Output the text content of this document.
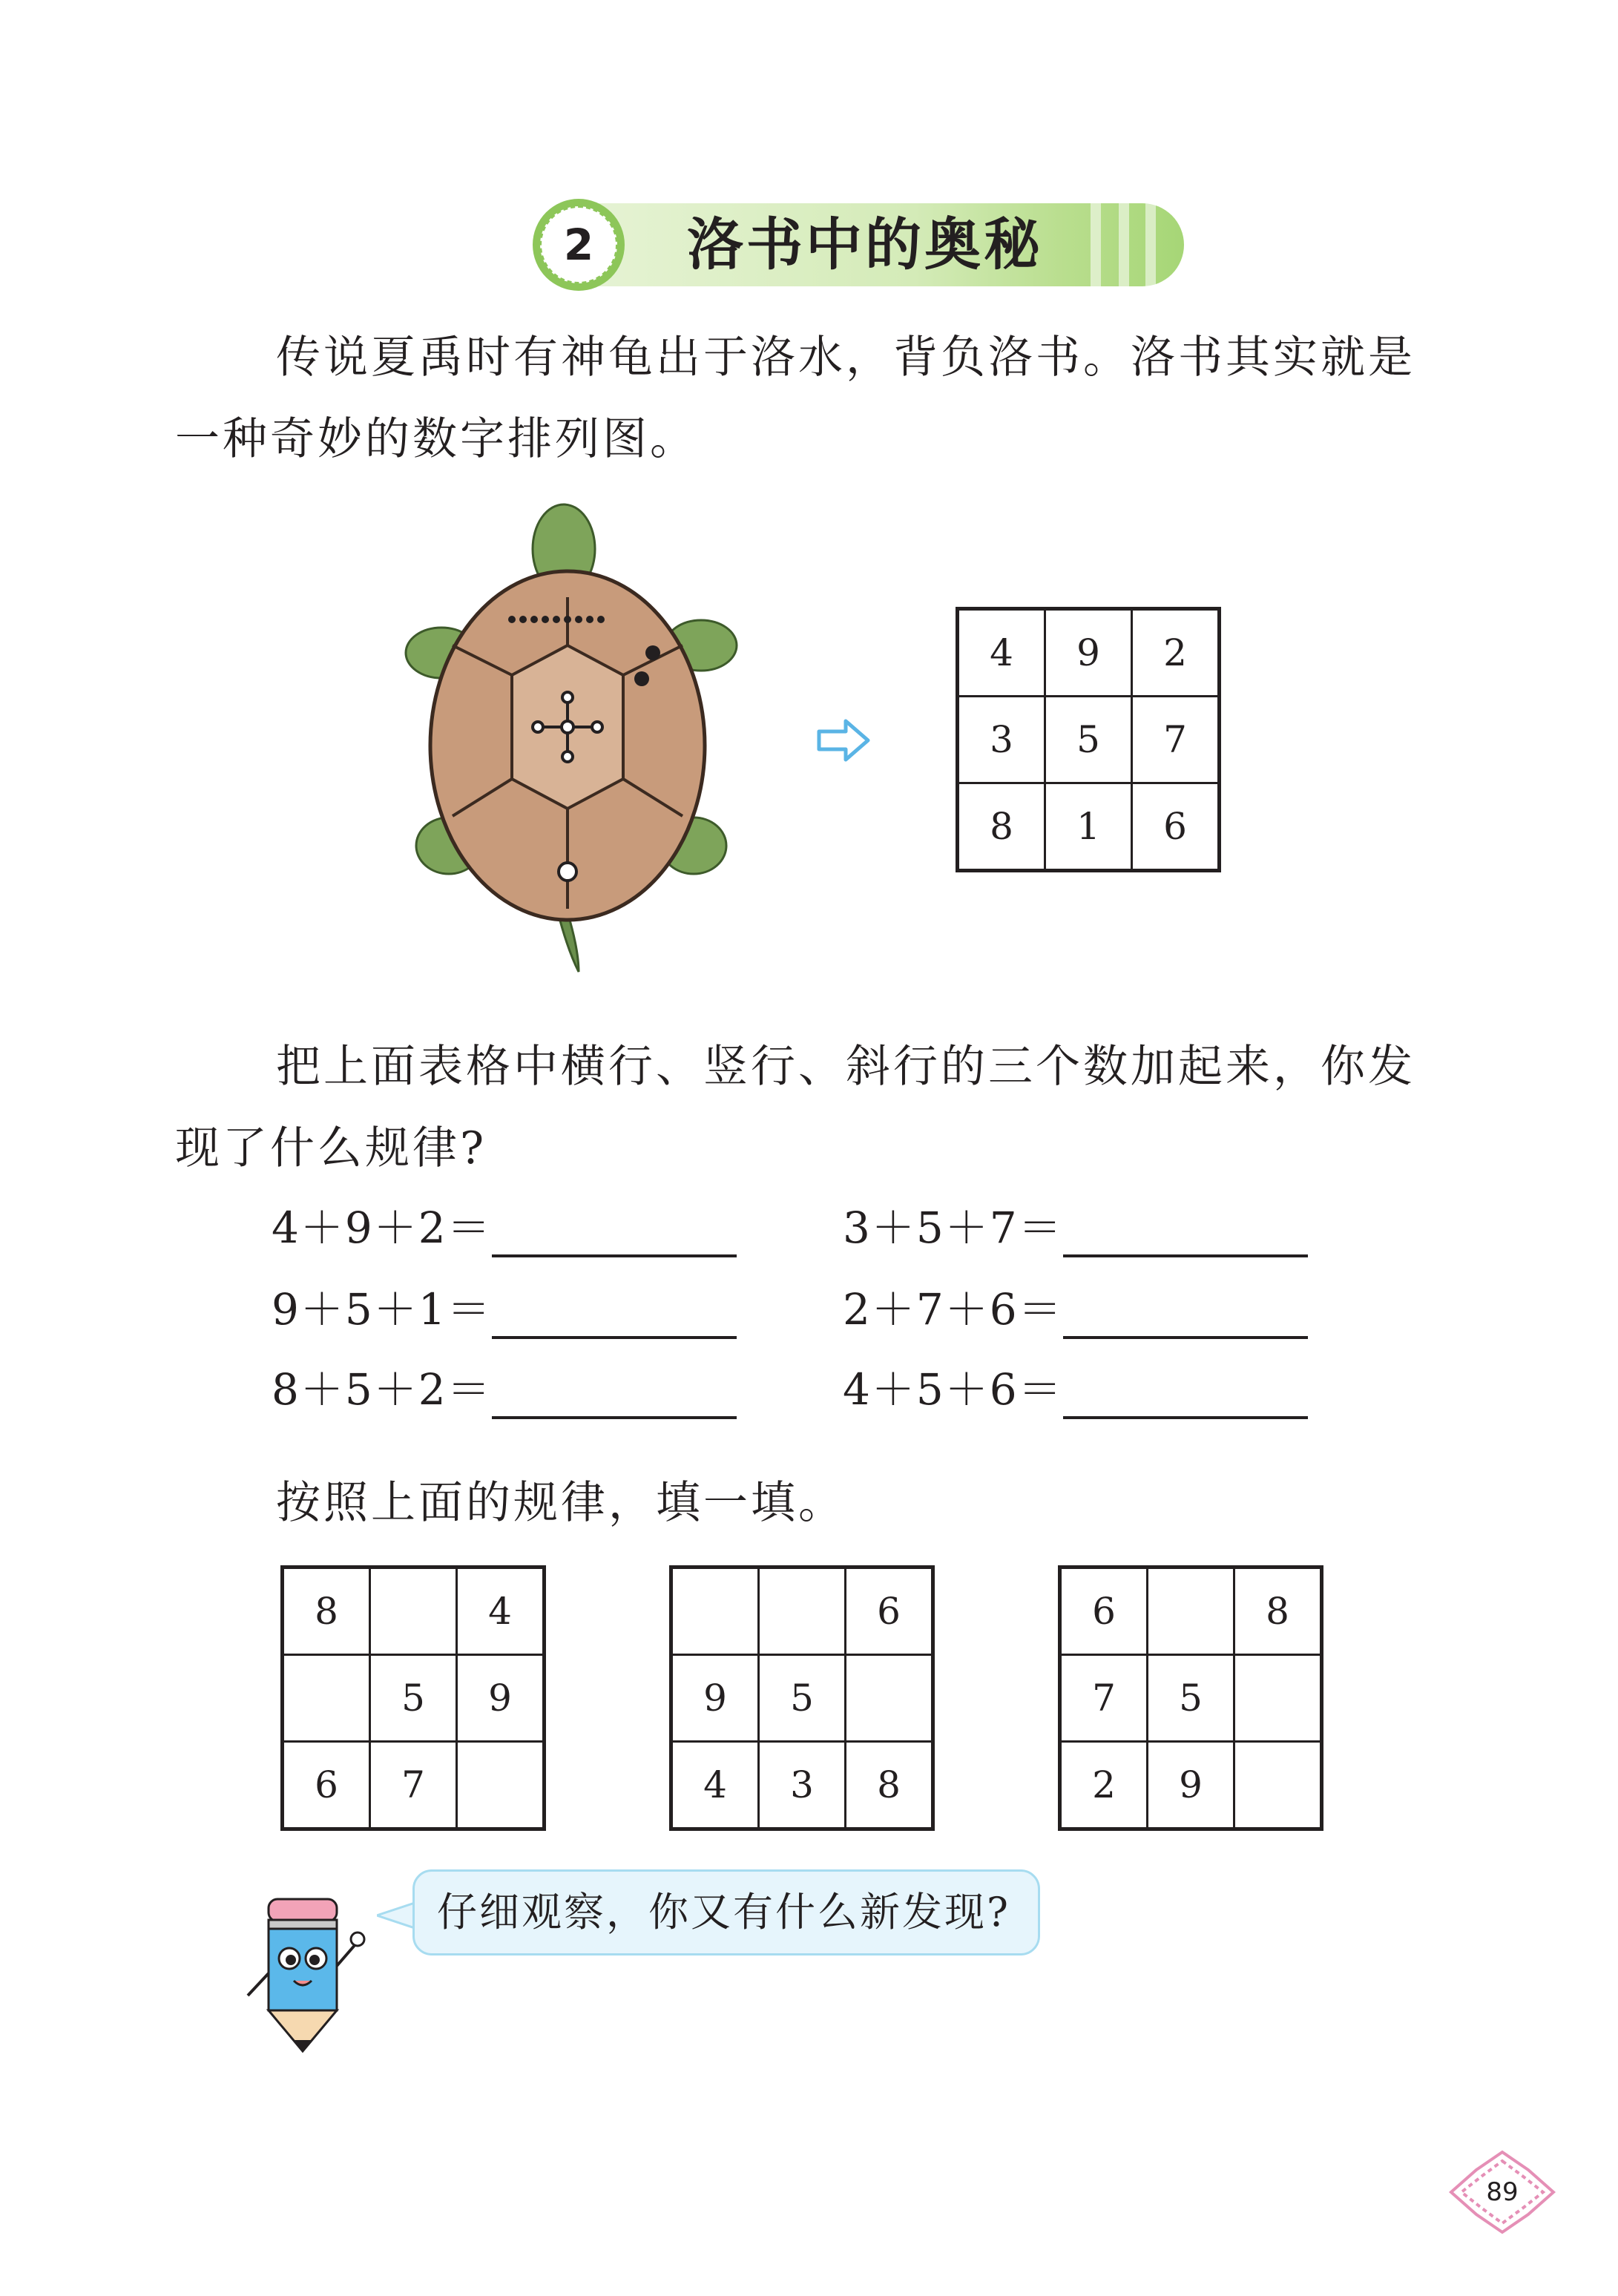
2	洛书中的奥秘
传说夏禹时有神龟出于洛水，背负洛书。洛书其实就是
一种奇妙的数字排列图。
4	9	2
3	5	7
8	1	6
把上面表格中横行、竖行、斜行的三个数加起来，你发
现了什么规律?
4＋9＋2＝	3＋5＋7＝
9＋5＋1＝	2＋7＋6＝
8＋5＋2＝	4＋5＋6＝
按照上面的规律，填一填。
8		4
	5	9
6	7	
		6
9	5	
4	3	8
6		8
7	5	
2	9	
仔细观察，你又有什么新发现?
89
